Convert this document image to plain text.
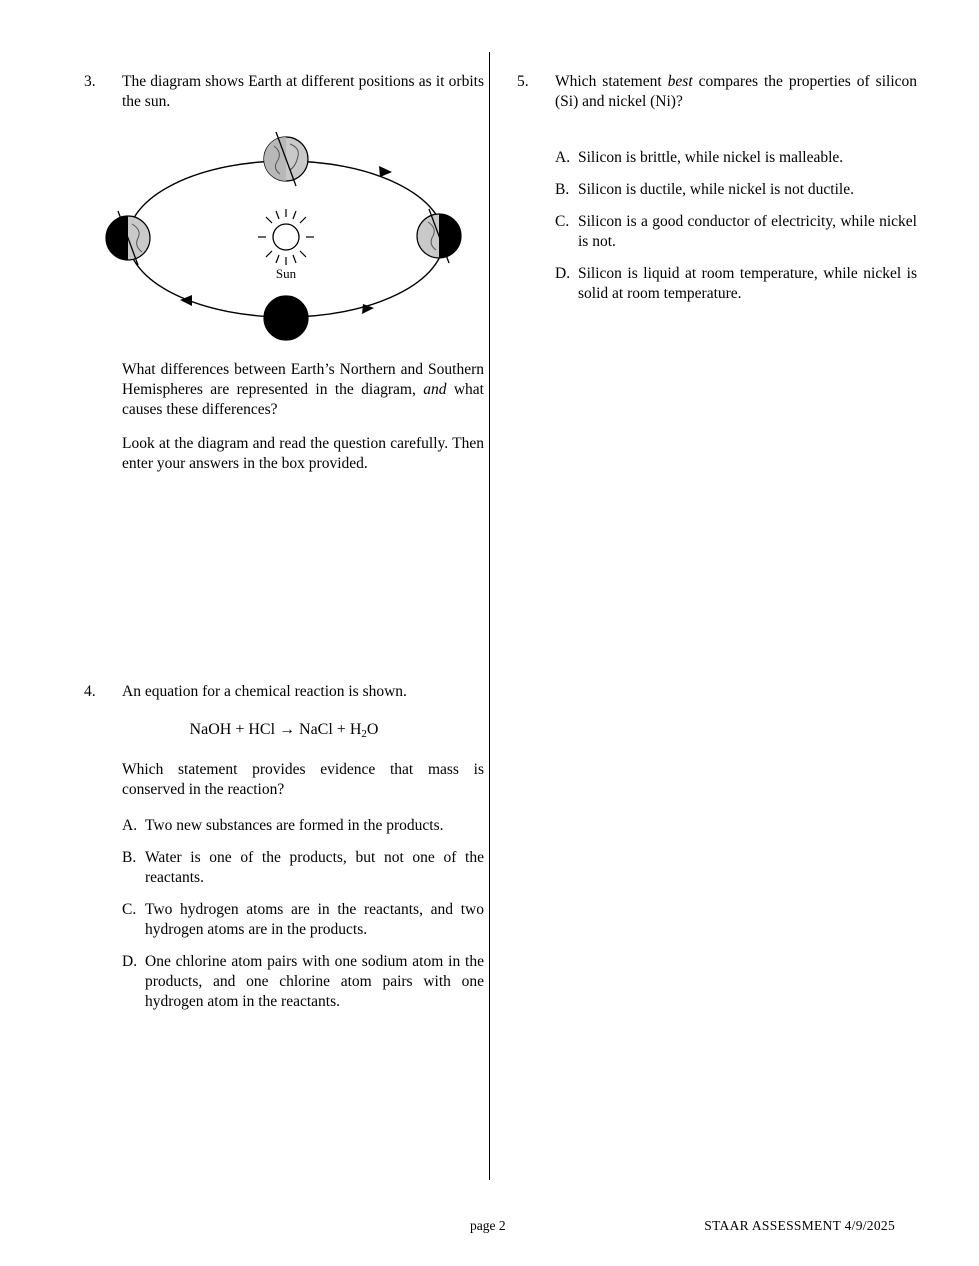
3.	The diagram shows Earth at different positions as it orbits the sun.
Sun
What differences between Earth’s Northern and Southern Hemispheres are represented in the diagram, and what causes these differences?
Look at the diagram and read the question carefully. Then enter your answers in the box provided.
4.	An equation for a chemical reaction is shown.
NaOH + HCl → NaCl + $H_2O$
Which statement provides evidence that mass is conserved in the reaction?
A. Two new substances are formed in the products.
B. Water is one of the products, but not one of the reactants.
C. Two hydrogen atoms are in the reactants, and two hydrogen atoms are in the products.
D. One chlorine atom pairs with one sodium atom in the products, and one chlorine atom pairs with one hydrogen atom in the reactants.
5.	Which statement best compares the properties of silicon (Si) and nickel (Ni)?
A. Silicon is brittle, while nickel is malleable.
B. Silicon is ductile, while nickel is not ductile.
C. Silicon is a good conductor of electricity, while nickel is not.
D. Silicon is liquid at room temperature, while nickel is solid at room temperature.
page 2	STAAR ASSESSMENT 4/9/2025
